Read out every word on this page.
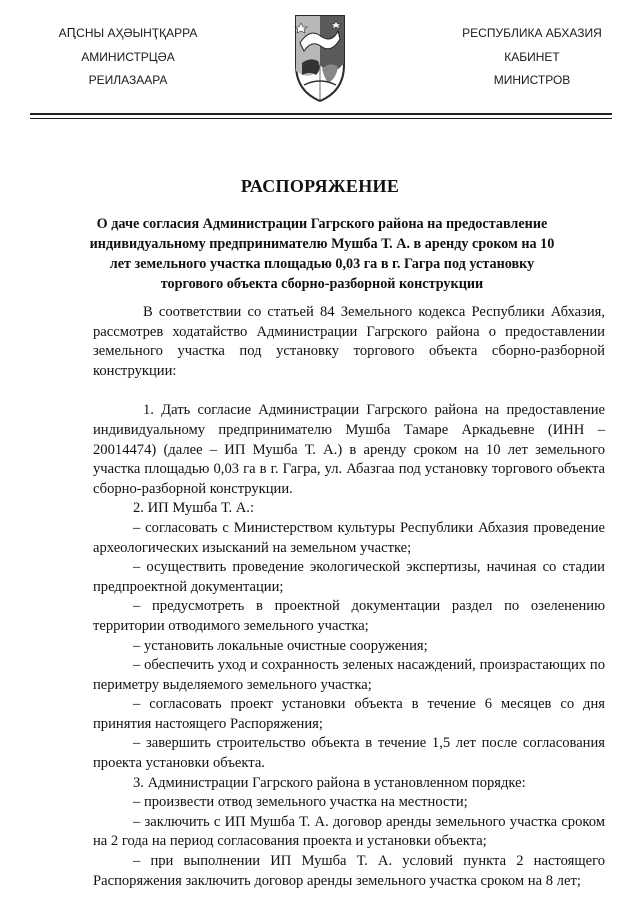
АԤСНЫ АҲӘЫНҬҚАРРА
АМИНИСТРЦӘА
РЕИЛАЗААРА
РЕСПУБЛИКА АБХАЗИЯ
КАБИНЕТ
МИНИСТРОВ
РАСПОРЯЖЕНИЕ
О даче согласия Администрации Гагрского района на предоставление индивидуальному предпринимателю Мушба Т. А. в аренду сроком на 10 лет земельного участка площадью 0,03 га в г. Гагра под установку торгового объекта сборно-разборной конструкции

В соответствии со статьей 84 Земельного кодекса Республики Абхазия, рассмотрев ходатайство Администрации Гагрского района о предоставлении земельного участка под установку торгового объекта сборно-разборной конструкции:

1. Дать согласие Администрации Гагрского района на предоставление индивидуальному предпринимателю Мушба Тамаре Аркадьевне (ИНН – 20014474) (далее – ИП Мушба Т. А.) в аренду сроком на 10 лет земельного участка площадью 0,03 га в г. Гагра, ул. Абазгаа под установку торгового объекта сборно-разборной конструкции.

2. ИП Мушба Т. А.:

– согласовать с Министерством культуры Республики Абхазия проведение археологических изысканий на земельном участке;

– осуществить проведение экологической экспертизы, начиная со стадии предпроектной документации;

– предусмотреть в проектной документации раздел по озеленению территории отводимого земельного участка;

– установить локальные очистные сооружения;

– обеспечить уход и сохранность зеленых насаждений, произрастающих по периметру выделяемого земельного участка;

– согласовать проект установки объекта в течение 6 месяцев со дня принятия настоящего Распоряжения;

– завершить строительство объекта в течение 1,5 лет после согласования проекта установки объекта.

3. Администрации Гагрского района в установленном порядке:

– произвести отвод земельного участка на местности;

– заключить с ИП Мушба Т. А. договор аренды земельного участка сроком на 2 года на период согласования проекта и установки объекта;

– при выполнении ИП Мушба Т. А. условий пункта 2 настоящего Распоряжения заключить договор аренды земельного участка сроком на 8 лет;
